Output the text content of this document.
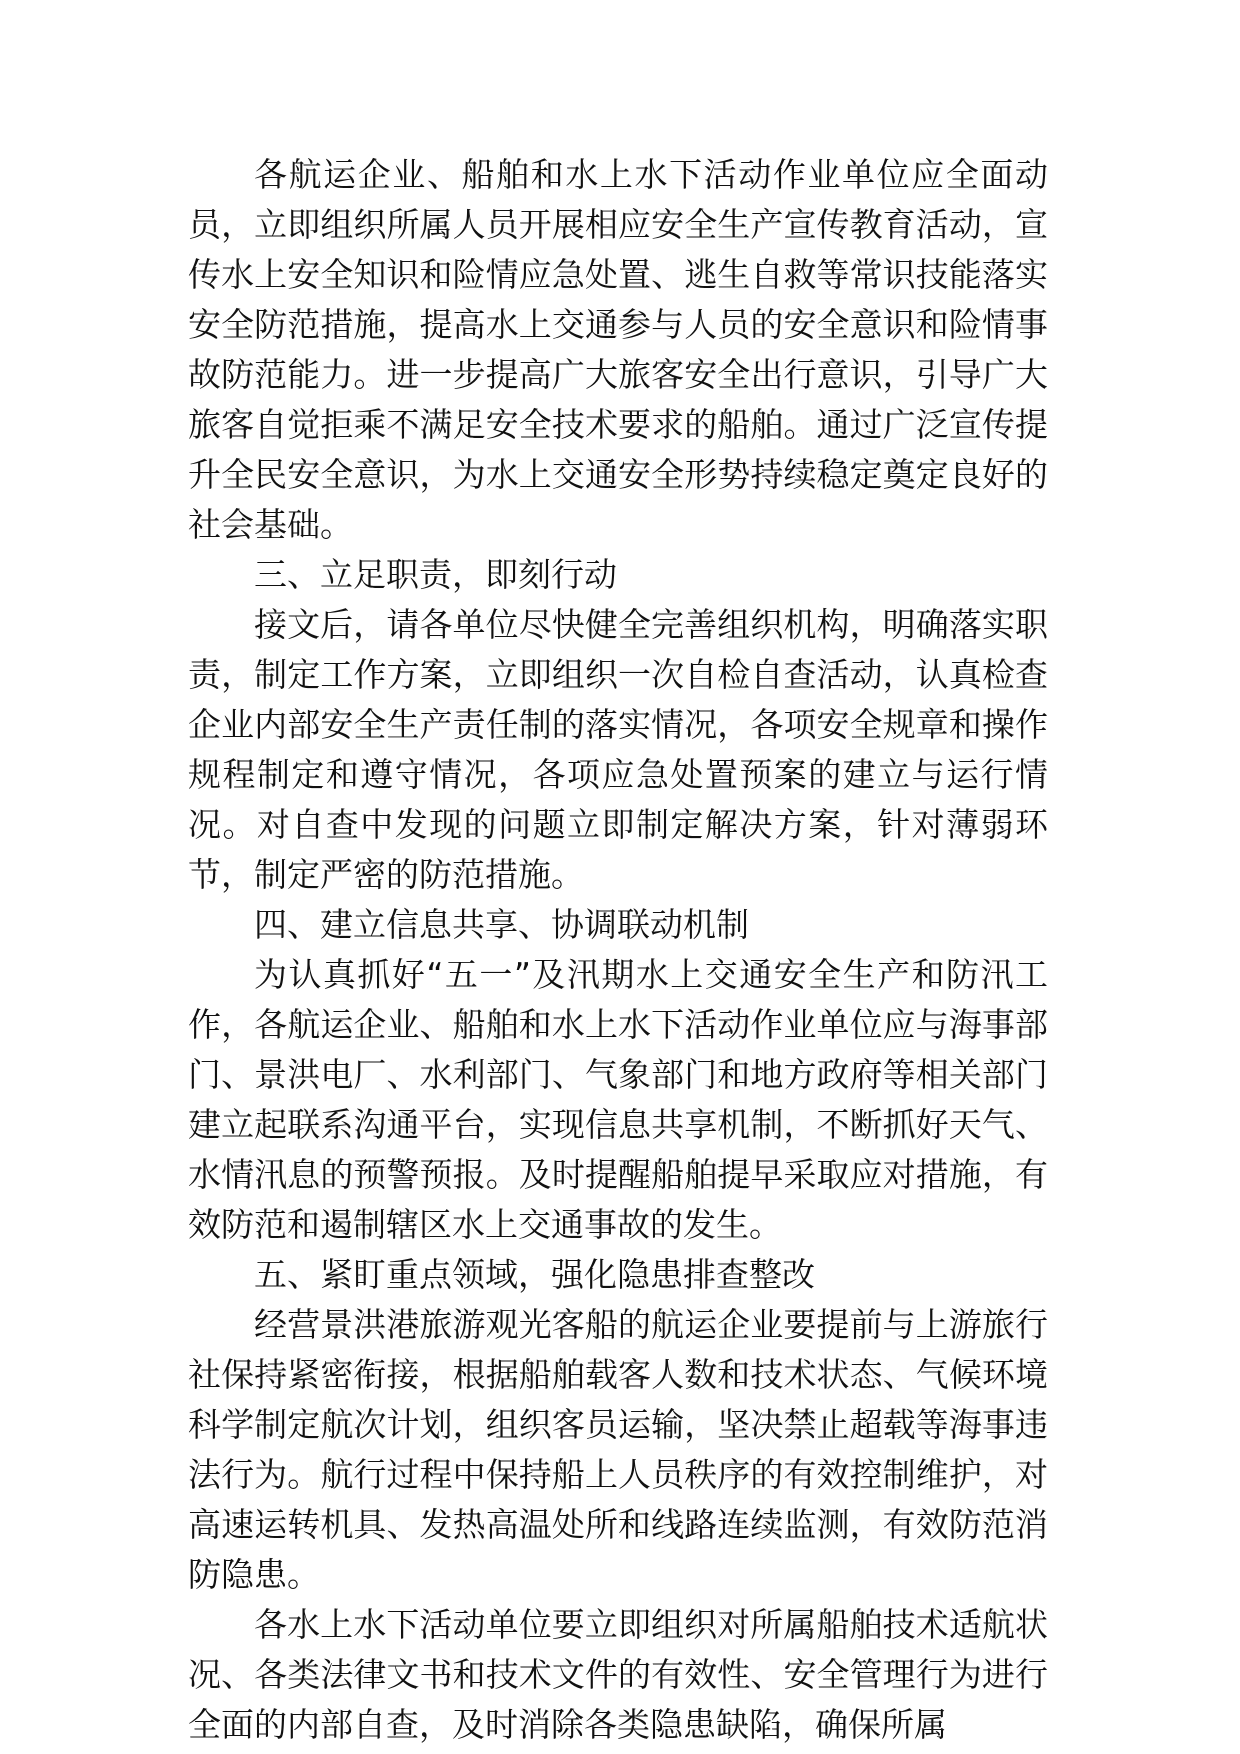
各航运企业、船舶和水上水下活动作业单位应全面动员，立即组织所属人员开展相应安全生产宣传教育活动，宣传水上安全知识和险情应急处置、逃生自救等常识技能落实安全防范措施，提高水上交通参与人员的安全意识和险情事故防范能力。进一步提高广大旅客安全出行意识，引导广大旅客自觉拒乘不满足安全技术要求的船舶。通过广泛宣传提升全民安全意识，为水上交通安全形势持续稳定奠定良好的社会基础。

三、立足职责，即刻行动

接文后，请各单位尽快健全完善组织机构，明确落实职责，制定工作方案，立即组织一次自检自查活动，认真检查企业内部安全生产责任制的落实情况，各项安全规章和操作规程制定和遵守情况，各项应急处置预案的建立与运行情况。对自查中发现的问题立即制定解决方案，针对薄弱环节，制定严密的防范措施。

四、建立信息共享、协调联动机制

为认真抓好“五一”及汛期水上交通安全生产和防汛工作，各航运企业、船舶和水上水下活动作业单位应与海事部门、景洪电厂、水利部门、气象部门和地方政府等相关部门建立起联系沟通平台，实现信息共享机制，不断抓好天气、水情汛息的预警预报。及时提醒船舶提早采取应对措施，有效防范和遏制辖区水上交通事故的发生。

五、紧盯重点领域，强化隐患排查整改

经营景洪港旅游观光客船的航运企业要提前与上游旅行社保持紧密衔接，根据船舶载客人数和技术状态、气候环境科学制定航次计划，组织客员运输，坚决禁止超载等海事违法行为。航行过程中保持船上人员秩序的有效控制维护，对高速运转机具、发热高温处所和线路连续监测，有效防范消防隐患。

各水上水下活动单位要立即组织对所属船舶技术适航状况、各类法律文书和技术文件的有效性、安全管理行为进行全面的内部自查，及时消除各类隐患缺陷，确保所属
